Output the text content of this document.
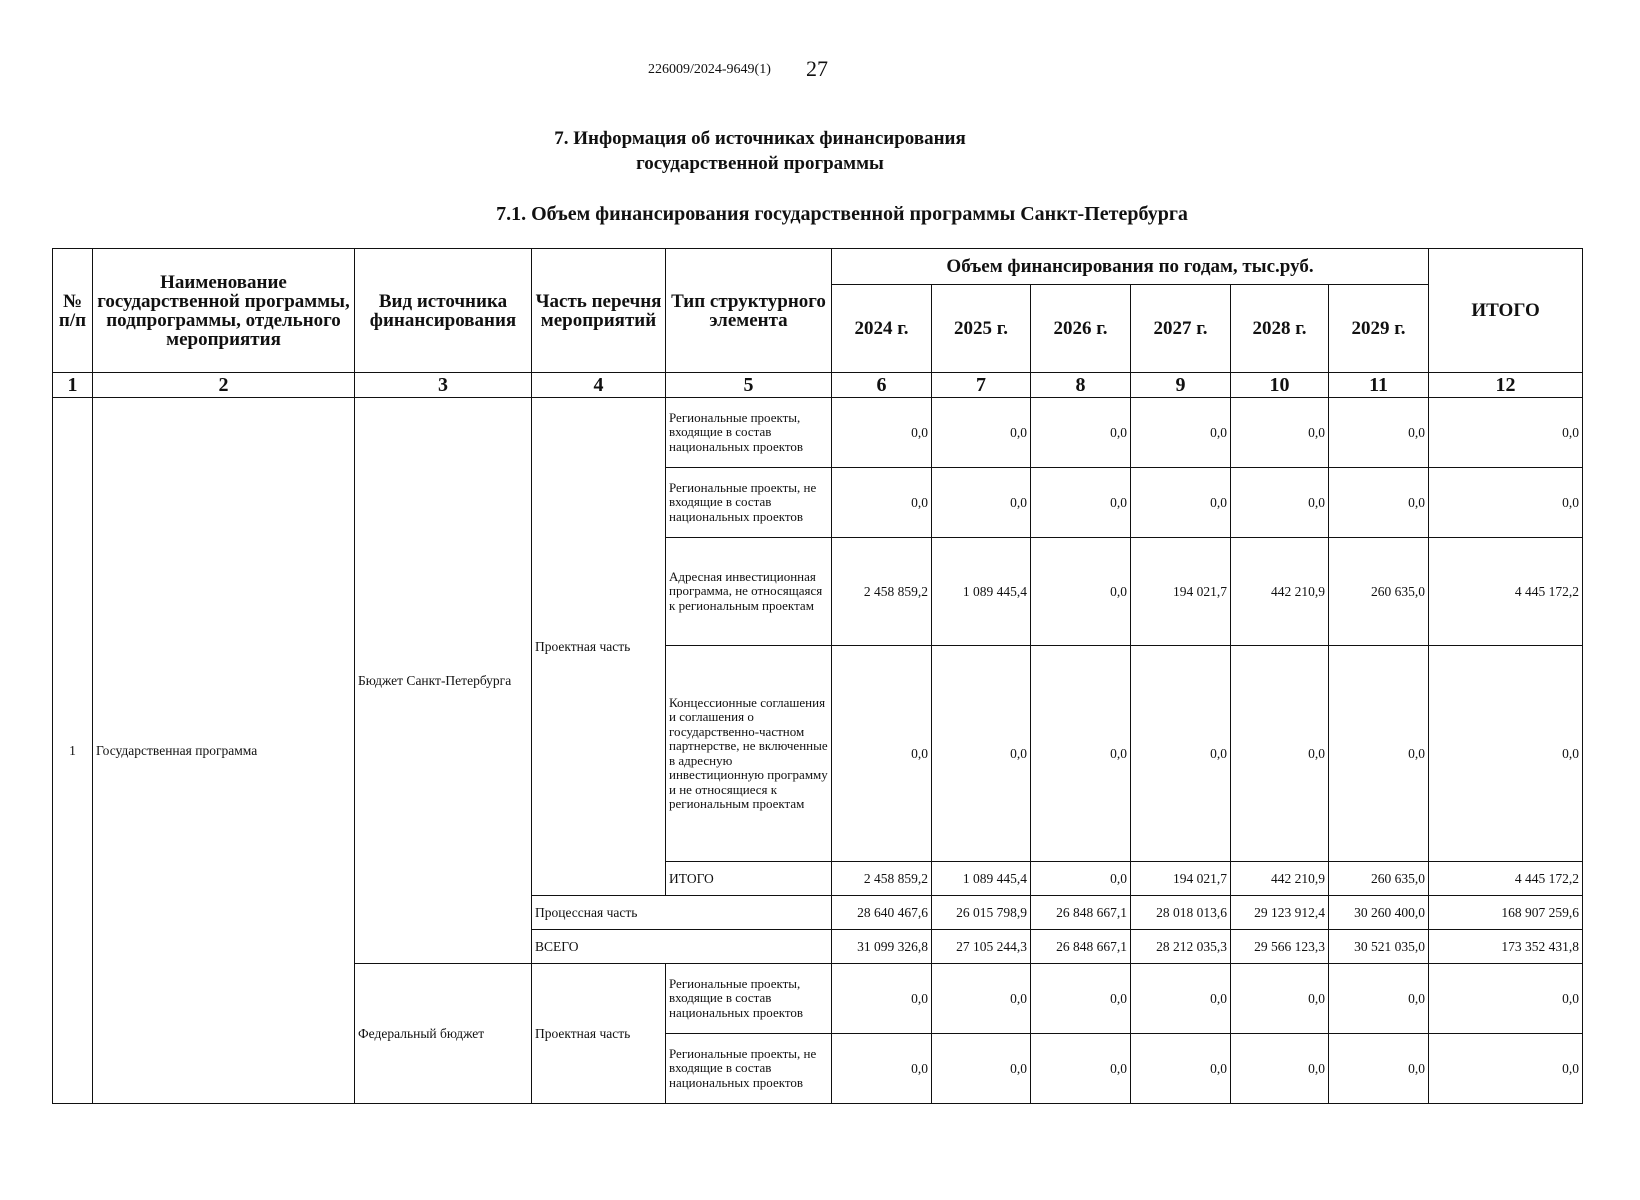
226009/2024-9649(1) 27
7. Информация об источниках финансирования
государственной программы
7.1. Объем финансирования государственной программы Санкт-Петербурга
№ п/п	Наименование государственной программы, подпрограммы, отдельного мероприятия	Вид источника финансирования	Часть перечня мероприятий	Тип структурного элемента	Объем финансирования по годам, тыс.руб.						ИТОГО
					2024 г.	2025 г.	2026 г.	2027 г.	2028 г.	2029 г.	
1	2	3	4	5	6	7	8	9	10	11	12
1	Государственная программа	Бюджет Санкт-Петербурга	Проектная часть	Региональные проекты, входящие в состав национальных проектов	0,0	0,0	0,0	0,0	0,0	0,0	0,0
				Региональные проекты, не входящие в состав национальных проектов	0,0	0,0	0,0	0,0	0,0	0,0	0,0
				Адресная инвестиционная программа, не относящаяся к региональным проектам	2 458 859,2	1 089 445,4	0,0	194 021,7	442 210,9	260 635,0	4 445 172,2
				Концессионные соглашения и соглашения о государственно-частном партнерстве, не включенные в адресную инвестиционную программу и не относящиеся к региональным проектам	0,0	0,0	0,0	0,0	0,0	0,0	0,0
				ИТОГО	2 458 859,2	1 089 445,4	0,0	194 021,7	442 210,9	260 635,0	4 445 172,2
			Процессная часть		28 640 467,6	26 015 798,9	26 848 667,1	28 018 013,6	29 123 912,4	30 260 400,0	168 907 259,6
			ВСЕГО		31 099 326,8	27 105 244,3	26 848 667,1	28 212 035,3	29 566 123,3	30 521 035,0	173 352 431,8
		Федеральный бюджет	Проектная часть	Региональные проекты, входящие в состав национальных проектов	0,0	0,0	0,0	0,0	0,0	0,0	0,0
				Региональные проекты, не входящие в состав национальных проектов	0,0	0,0	0,0	0,0	0,0	0,0	0,0
